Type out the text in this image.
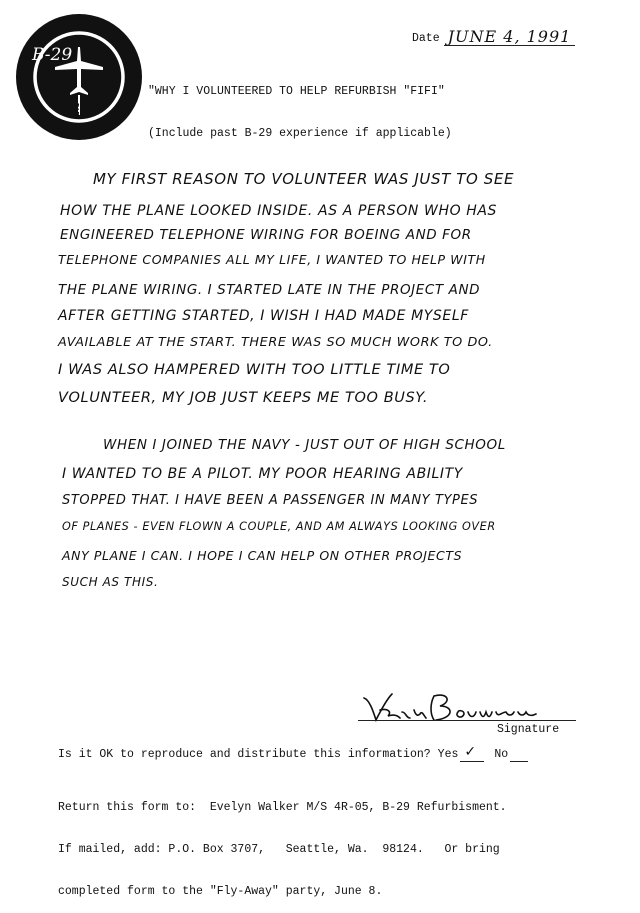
B-29
FIFI
Date JUNE 4, 1991

"WHY I VOLUNTEERED TO HELP REFURBISH "FIFI"

(Include past B-29 experience if applicable)

MY FIRST REASON TO VOLUNTEER WAS JUST TO SEE
HOW THE PLANE LOOKED INSIDE. AS A PERSON WHO HAS
ENGINEERED TELEPHONE WIRING FOR BOEING AND FOR
TELEPHONE COMPANIES ALL MY LIFE, I WANTED TO HELP WITH
THE PLANE WIRING. I STARTED LATE IN THE PROJECT AND
AFTER GETTING STARTED, I WISH I HAD MADE MYSELF
AVAILABLE AT THE START. THERE WAS SO MUCH WORK TO DO.
I WAS ALSO HAMPERED WITH TOO LITTLE TIME TO
VOLUNTEER, MY JOB JUST KEEPS ME TOO BUSY.
WHEN I JOINED THE NAVY - JUST OUT OF HIGH SCHOOL
I WANTED TO BE A PILOT. MY POOR HEARING ABILITY
STOPPED THAT. I HAVE BEEN A PASSENGER IN MANY TYPES
OF PLANES - EVEN FLOWN A COUPLE, AND AM ALWAYS LOOKING OVER
ANY PLANE I CAN. I HOPE I CAN HELP ON OTHER PROJECTS
SUCH AS THIS.
Signature
Is it OK to reproduce and distribute this information? Yes ✓ No

Return this form to:  Evelyn Walker M/S 4R-05, B-29 Refurbisment.

If mailed, add: P.O. Box 3707,   Seattle, Wa.  98124.   Or bring

completed form to the "Fly-Away" party, June 8.
